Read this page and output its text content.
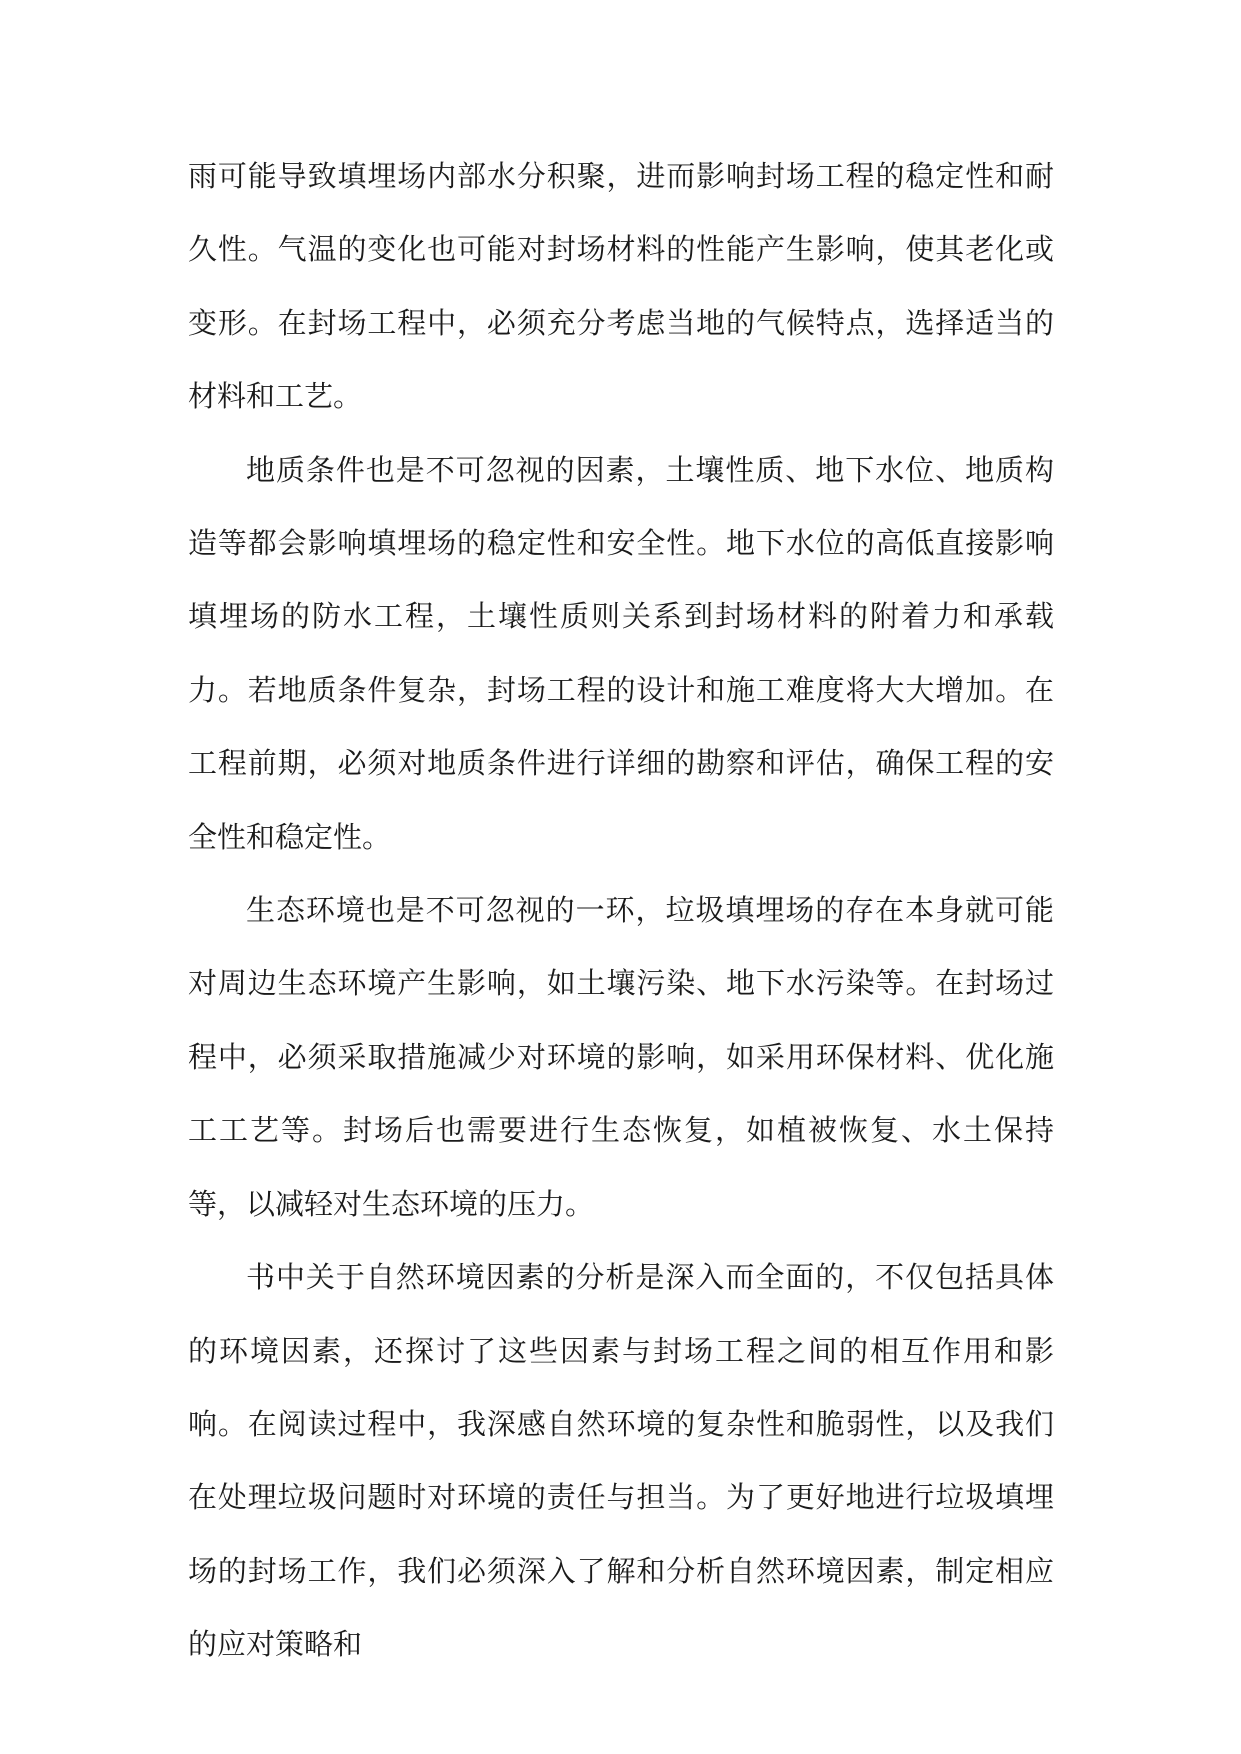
雨可能导致填埋场内部水分积聚，进而影响封场工程的稳定性和耐久性。气温的变化也可能对封场材料的性能产生影响，使其老化或变形。在封场工程中，必须充分考虑当地的气候特点，选择适当的材料和工艺。

地质条件也是不可忽视的因素，土壤性质、地下水位、地质构造等都会影响填埋场的稳定性和安全性。地下水位的高低直接影响填埋场的防水工程，土壤性质则关系到封场材料的附着力和承载力。若地质条件复杂，封场工程的设计和施工难度将大大增加。在工程前期，必须对地质条件进行详细的勘察和评估，确保工程的安全性和稳定性。

生态环境也是不可忽视的一环，垃圾填埋场的存在本身就可能对周边生态环境产生影响，如土壤污染、地下水污染等。在封场过程中，必须采取措施减少对环境的影响，如采用环保材料、优化施工工艺等。封场后也需要进行生态恢复，如植被恢复、水土保持等，以减轻对生态环境的压力。

书中关于自然环境因素的分析是深入而全面的，不仅包括具体的环境因素，还探讨了这些因素与封场工程之间的相互作用和影响。在阅读过程中，我深感自然环境的复杂性和脆弱性，以及我们在处理垃圾问题时对环境的责任与担当。为了更好地进行垃圾填埋场的封场工作，我们必须深入了解和分析自然环境因素，制定相应的应对策略和
